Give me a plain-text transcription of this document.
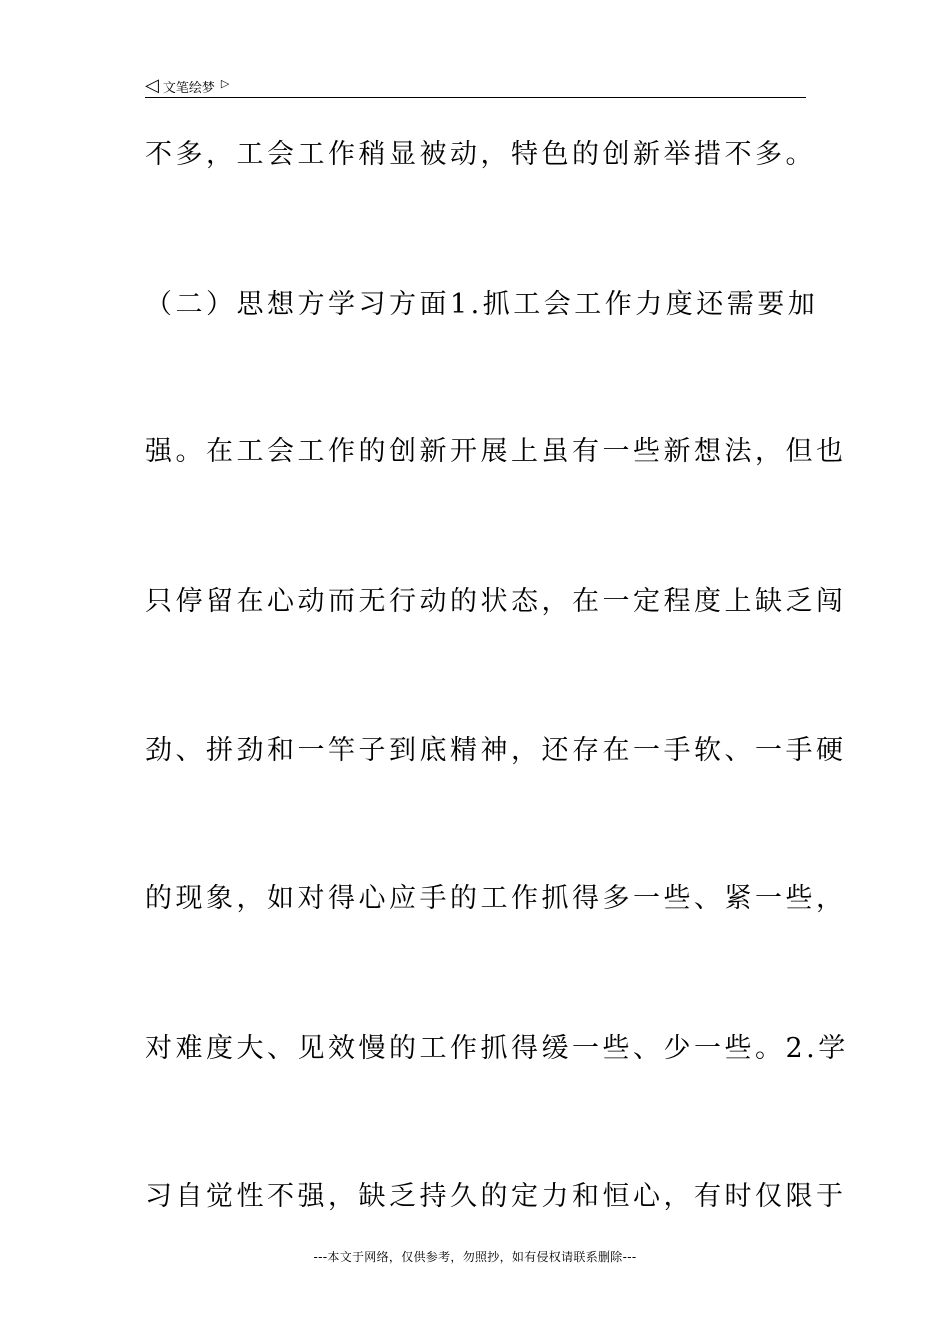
◁ 文笔绘梦 ▷
不多，工会工作稍显被动，特色的创新举措不多。
（二）思想方学习方面1.抓工会工作力度还需要加
强。在工会工作的创新开展上虽有一些新想法，但也
只停留在心动而无行动的状态，在一定程度上缺乏闯
劲、拼劲和一竿子到底精神，还存在一手软、一手硬
的现象，如对得心应手的工作抓得多一些、紧一些，
对难度大、见效慢的工作抓得缓一些、少一些。2.学
习自觉性不强，缺乏持久的定力和恒心，有时仅限于
---本文于网络，仅供参考，勿照抄，如有侵权请联系删除---
